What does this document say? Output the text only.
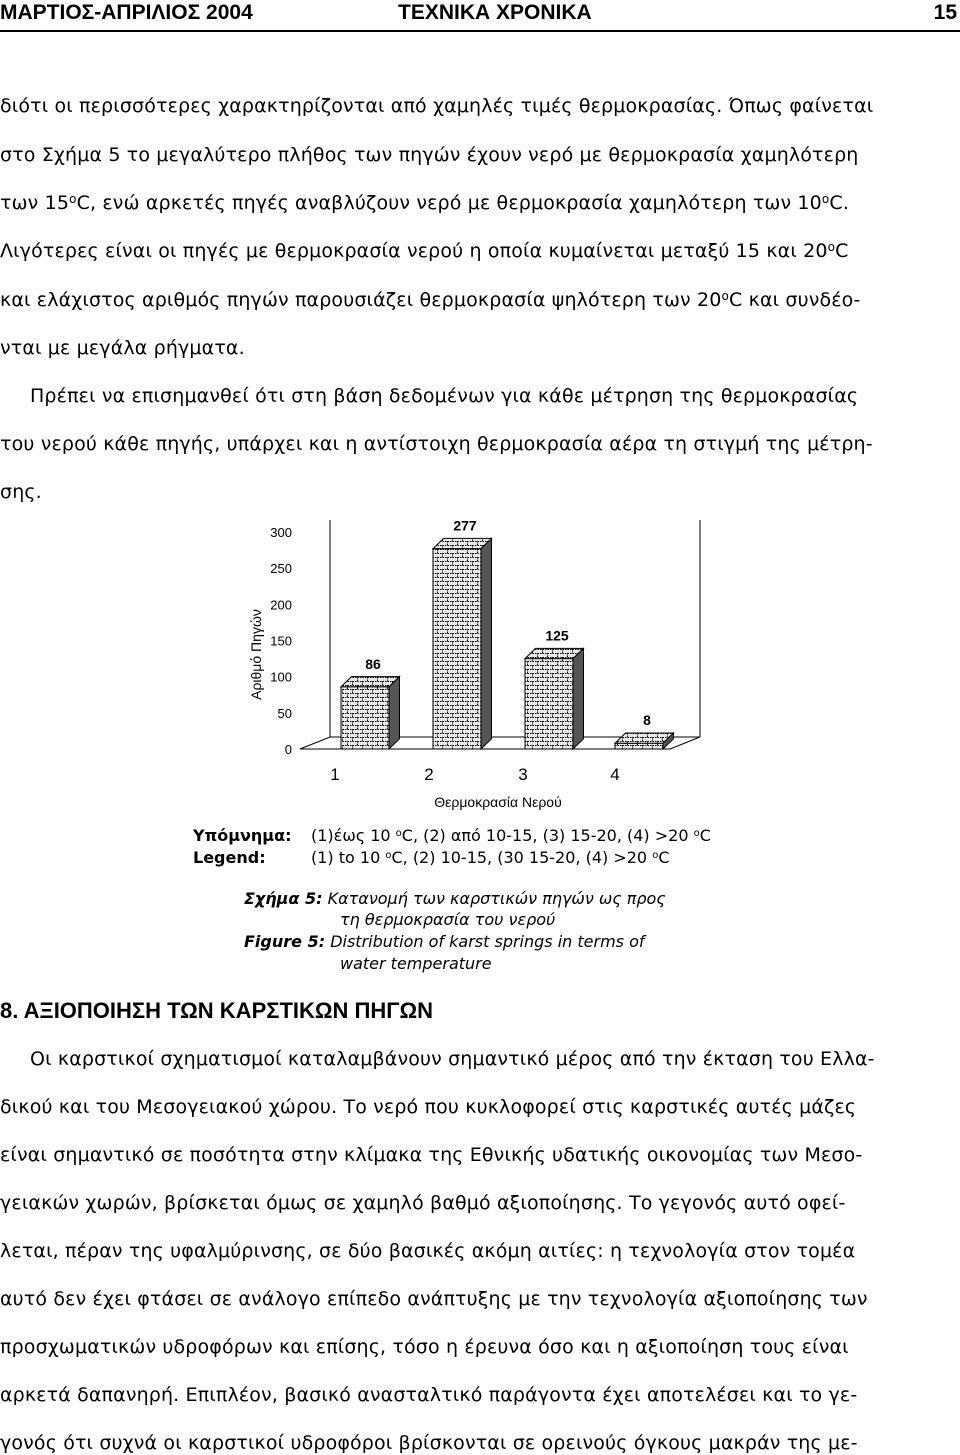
ΜΑΡΤΙΟΣ-ΑΠΡΙΛΙΟΣ 2004	ΤΕΧΝΙΚΑ ΧΡΟΝΙΚΑ	15
διότι οι περισσότερες χαρακτηρίζονται από χαμηλές τιμές θερμοκρασίας. Όπως φαίνεται
στο Σχήμα 5 το μεγαλύτερο πλήθος των πηγών έχουν νερό με θερμοκρασία χαμηλότερη
των 15$^o$C, ενώ αρκετές πηγές αναβλύζουν νερό με θερμοκρασία χαμηλότερη των 10$^o$C.
Λιγότερες είναι οι πηγές με θερμοκρασία νερού η οποία κυμαίνεται μεταξύ 15 και 20$^o$C
και ελάχιστος αριθμός πηγών παρουσιάζει θερμοκρασία ψηλότερη των 20$^o$C και συνδέο-
νται με μεγάλα ρήγματα.
Πρέπει να επισημανθεί ότι στη βάση δεδομένων για κάθε μέτρηση της θερμοκρασίας
του νερού κάθε πηγής, υπάρχει και η αντίστοιχη θερμοκρασία αέρα τη στιγμή της μέτρη-
σης.
300
250
200
150
100
50
0
Αριθμό Πηγών	86
1
277
2
125
3
8
4
Θερμοκρασία Νερού
Υπόμνημα: (1)έως 10 $^o$C, (2) από 10-15, (3) 15-20, (4) >20 $^o$C
Legend:	(1) to 10 $^o$C, (2) 10-15, (30 15-20, (4) >20 $^o$C
Σχήμα 5: Κατανομή των καρστικών πηγών ως προς
τη θερμοκρασία του νερού
Figure 5: Distribution of karst springs in terms of
water temperature
8. ΑΞΙΟΠΟΙΗΣΗ ΤΩΝ ΚΑΡΣΤΙΚΩΝ ΠΗΓΩΝ
Οι καρστικοί σχηματισμοί καταλαμβάνουν σημαντικό μέρος από την έκταση του Ελλα-
δικού και του Μεσογειακού χώρου. Το νερό που κυκλοφορεί στις καρστικές αυτές μάζες
είναι σημαντικό σε ποσότητα στην κλίμακα της Εθνικής υδατικής οικονομίας των Μεσο-
γειακών χωρών, βρίσκεται όμως σε χαμηλό βαθμό αξιοποίησης. Το γεγονός αυτό οφεί-
λεται, πέραν της υφαλμύρινσης, σε δύο βασικές ακόμη αιτίες: η τεχνολογία στον τομέα
αυτό δεν έχει φτάσει σε ανάλογο επίπεδο ανάπτυξης με την τεχνολογία αξιοποίησης των
προσχωματικών υδροφόρων και επίσης, τόσο η έρευνα όσο και η αξιοποίηση τους είναι
αρκετά δαπανηρή. Επιπλέον, βασικό ανασταλτικό παράγοντα έχει αποτελέσει και το γε-
γονός ότι συχνά οι καρστικοί υδροφόροι βρίσκονται σε ορεινούς όγκους μακράν της με-
